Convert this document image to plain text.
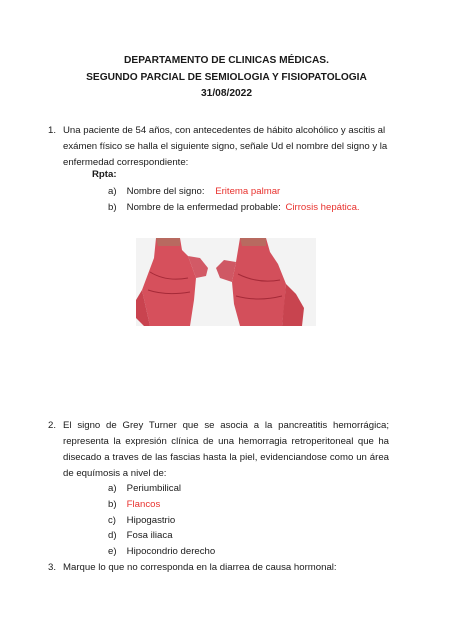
DEPARTAMENTO DE CLINICAS MÉDICAS.
SEGUNDO PARCIAL DE SEMIOLOGIA Y FISIOPATOLOGIA
31/08/2022
1. Una paciente de 54 años, con antecedentes de hábito alcohólico y ascitis al exámen físico se halla el siguiente signo, señale Ud el nombre del signo y la enfermedad correspondiente:
Rpta:
a) Nombre del signo: Eritema palmar
b) Nombre de la enfermedad probable: Cirrosis hepática.
2. El signo de Grey Turner que se asocia a la pancreatitis hemorrágica; representa la expresión clínica de una hemorragia retroperitoneal que ha disecado a traves de las fascias hasta la piel, evidenciandose como un área de equímosis a nivel de:
a) Periumbilical
b) Flancos
c) Hipogastrio
d) Fosa iliaca
e) Hipocondrio derecho
3. Marque lo que no corresponda en la diarrea de causa hormonal:
